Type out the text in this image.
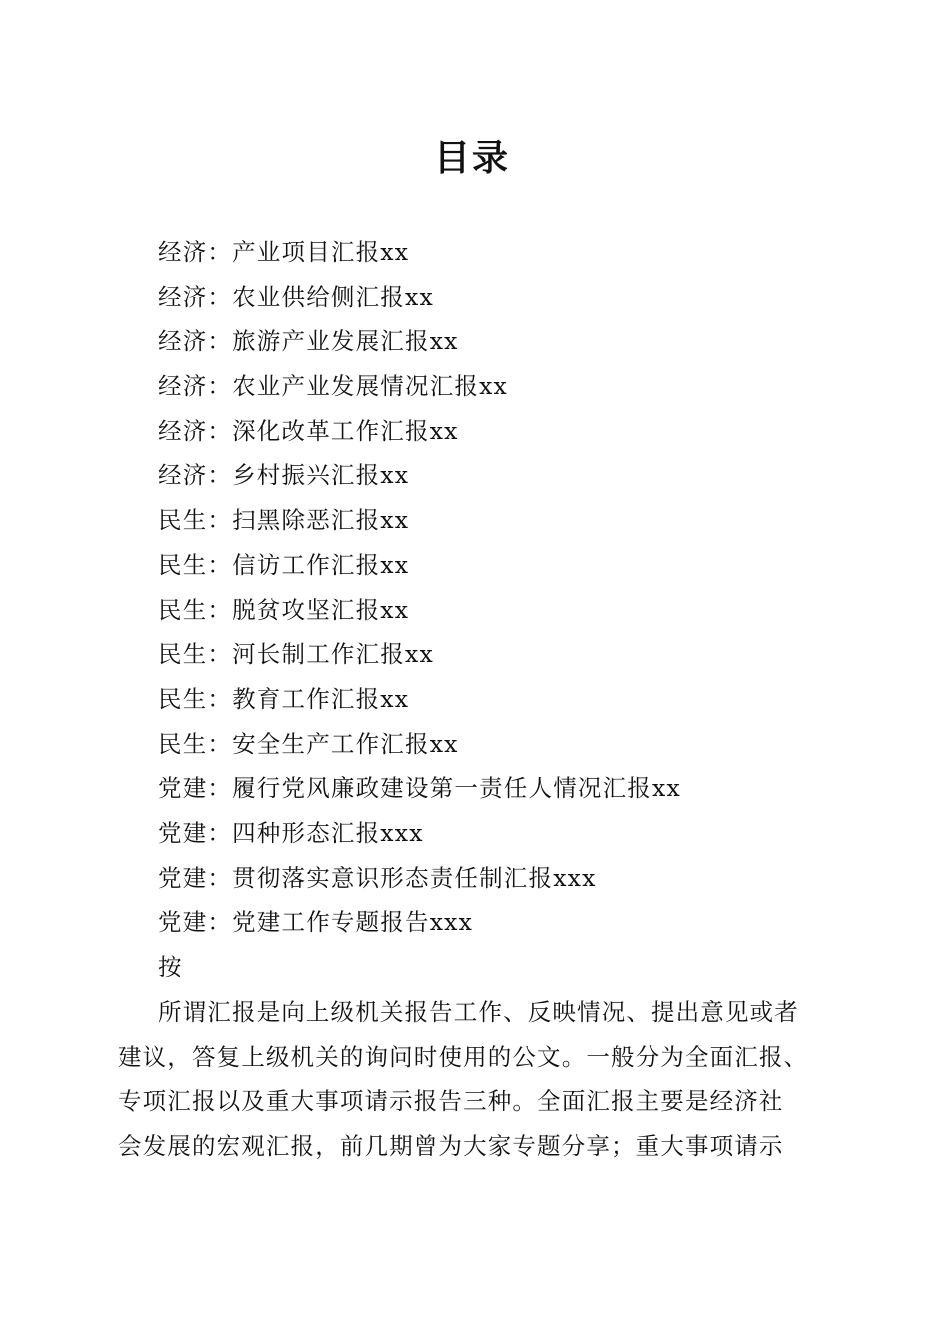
目录
经济：产业项目汇报xx
经济：农业供给侧汇报xx
经济：旅游产业发展汇报xx
经济：农业产业发展情况汇报xx
经济：深化改革工作汇报xx
经济：乡村振兴汇报xx
民生：扫黑除恶汇报xx
民生：信访工作汇报xx
民生：脱贫攻坚汇报xx
民生：河长制工作汇报xx
民生：教育工作汇报xx
民生：安全生产工作汇报xx
党建：履行党风廉政建设第一责任人情况汇报xx
党建：四种形态汇报xxx
党建：贯彻落实意识形态责任制汇报xxx
党建：党建工作专题报告xxx
按
所谓汇报是向上级机关报告工作、反映情况、提出意见或者
建议，答复上级机关的询问时使用的公文。一般分为全面汇报、
专项汇报以及重大事项请示报告三种。全面汇报主要是经济社
会发展的宏观汇报，前几期曾为大家专题分享；重大事项请示
